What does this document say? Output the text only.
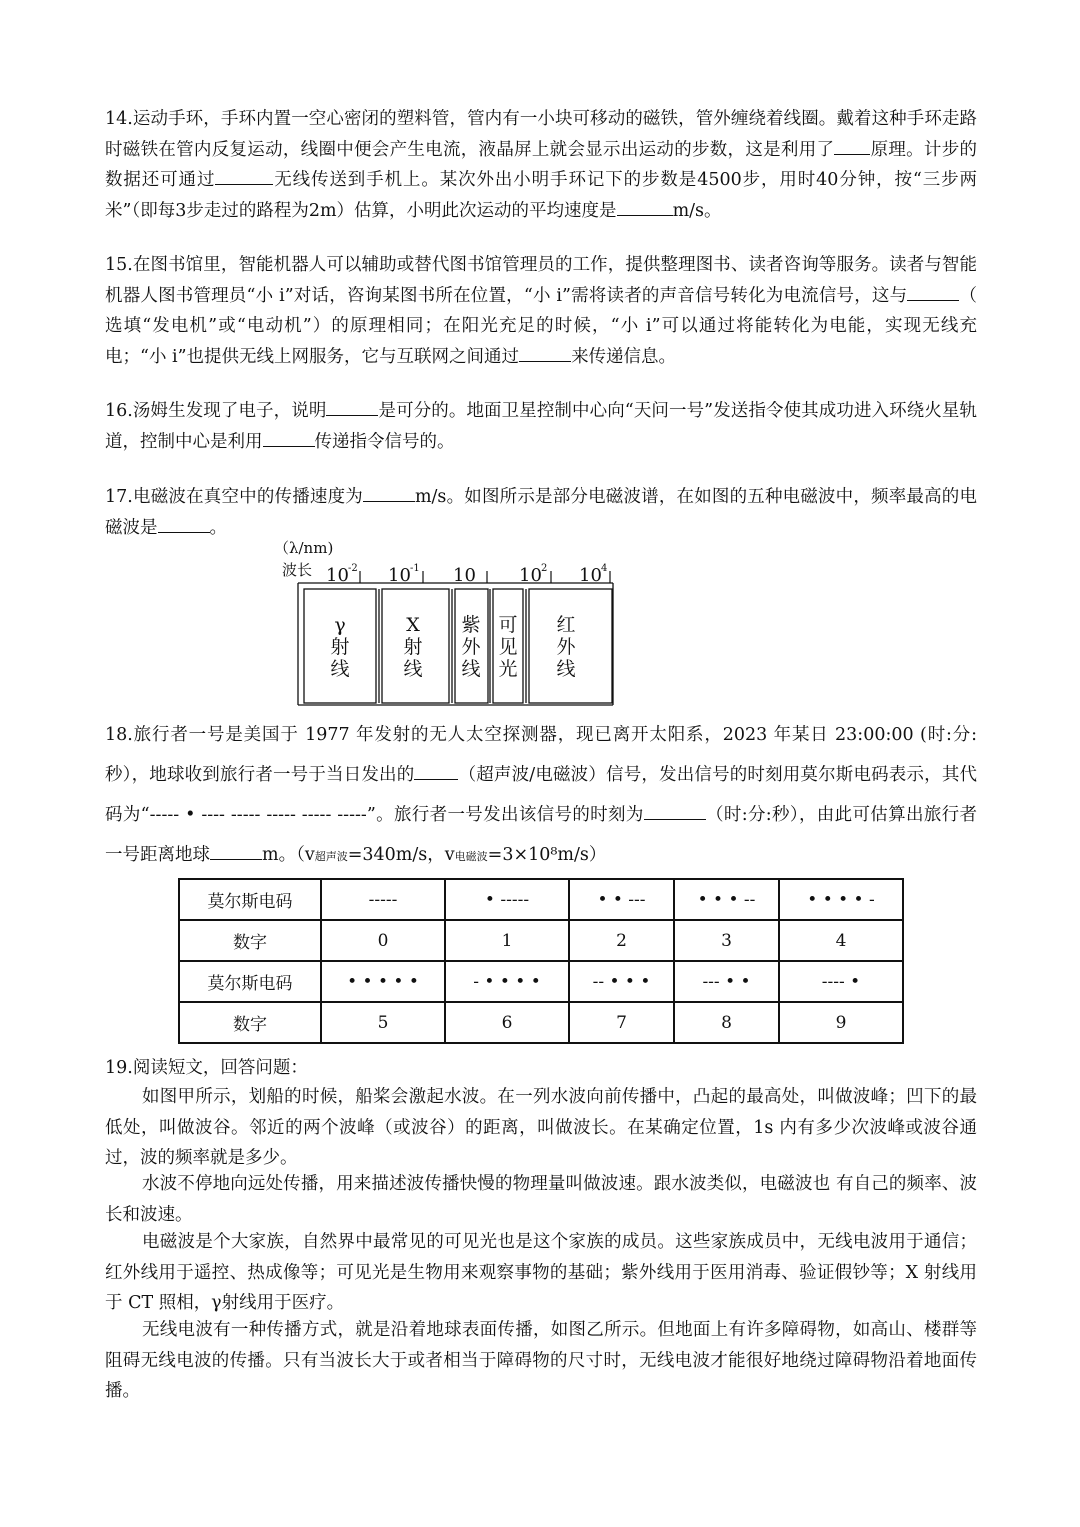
14.运动手环，手环内置一空心密闭的塑料管，管内有一小块可移动的磁铁，管外缠绕着线圈。戴着这种手环走路时磁铁在管内反复运动，线圈中便会产生电流，液晶屏上就会显示出运动的步数，这是利用了 原理。计步的数据还可通过	无线传送到手机上。某次外出小明手环记下的步数是4500步，用时40分钟，按“三步两米”（即每3步走过的路程为2m）估算，小明此次运动的平均速度是	m/s。

15.在图书馆里，智能机器人可以辅助或替代图书馆管理员的工作，提供整理图书、读者咨询等服务。读者与智能机器人图书管理员“小 i”对话，咨询某图书所在位置，“小 i”需将读者的声音信号转化为电流信号，这与	（ 选填“发电机”或“电动机”）的原理相同；在阳光充足的时候，“小 i”可以通过将能转化为电能，实现无线充电；“小 i”也提供无线上网服务，它与互联网之间通过	来传递信息。

16.汤姆生发现了电子，说明	是可分的。地面卫星控制中心向“天问一号”发送指令使其成功进入环绕火星轨道，控制中心是利用	传递指令信号的。

17.电磁波在真空中的传播速度为	m/s。如图所示是部分电磁波谱，在如图的五种电磁波中，频率最高的电磁波是	。

（λ/nm)
波长 10 -2 10 -1 10 10 2 10 4
γ
射
线
X
射
线
紫
外
线
可
见
光
红
外
线

18.旅行者一号是美国于 1977 年发射的无人太空探测器，现已离开太阳系，2023 年某日 23:00:00 (时:分:秒），地球收到旅行者一号于当日发出的	（超声波/电磁波）信号，发出信号的时刻用莫尔斯电码表示，其代码为“----- • ---- ----- ----- ----- -----”。旅行者一号发出该信号的时刻为	（时:分:秒），由此可估算出旅行者一号距离地球	m。（v超声波=340m/s，v电磁波=3×10⁸m/s）

莫尔斯电码	-----	• -----	• • ---	• • • --	• • • • -
数字	0	1	2	3	4
莫尔斯电码	• • • • •	- • • • •	-- • • •	--- • •	---- •
数字	5	6	7	8	9

19.阅读短文，回答问题：

如图甲所示，划船的时候，船桨会激起水波。在一列水波向前传播中，凸起的最高处，叫做波峰；凹下的最低处，叫做波谷。邻近的两个波峰（或波谷）的距离，叫做波长。在某确定位置，1s 内有多少次波峰或波谷通过，波的频率就是多少。

水波不停地向远处传播，用来描述波传播快慢的物理量叫做波速。跟水波类似，电磁波也 有自己的频率、波长和波速。

电磁波是个大家族，自然界中最常见的可见光也是这个家族的成员。这些家族成员中，无线电波用于通信；红外线用于遥控、热成像等；可见光是生物用来观察事物的基础；紫外线用于医用消毒、验证假钞等；X 射线用于 CT 照相，γ射线用于医疗。

无线电波有一种传播方式，就是沿着地球表面传播，如图乙所示。但地面上有许多障碍物，如高山、楼群等阻碍无线电波的传播。只有当波长大于或者相当于障碍物的尺寸时，无线电波才能很好地绕过障碍物沿着地面传播。
